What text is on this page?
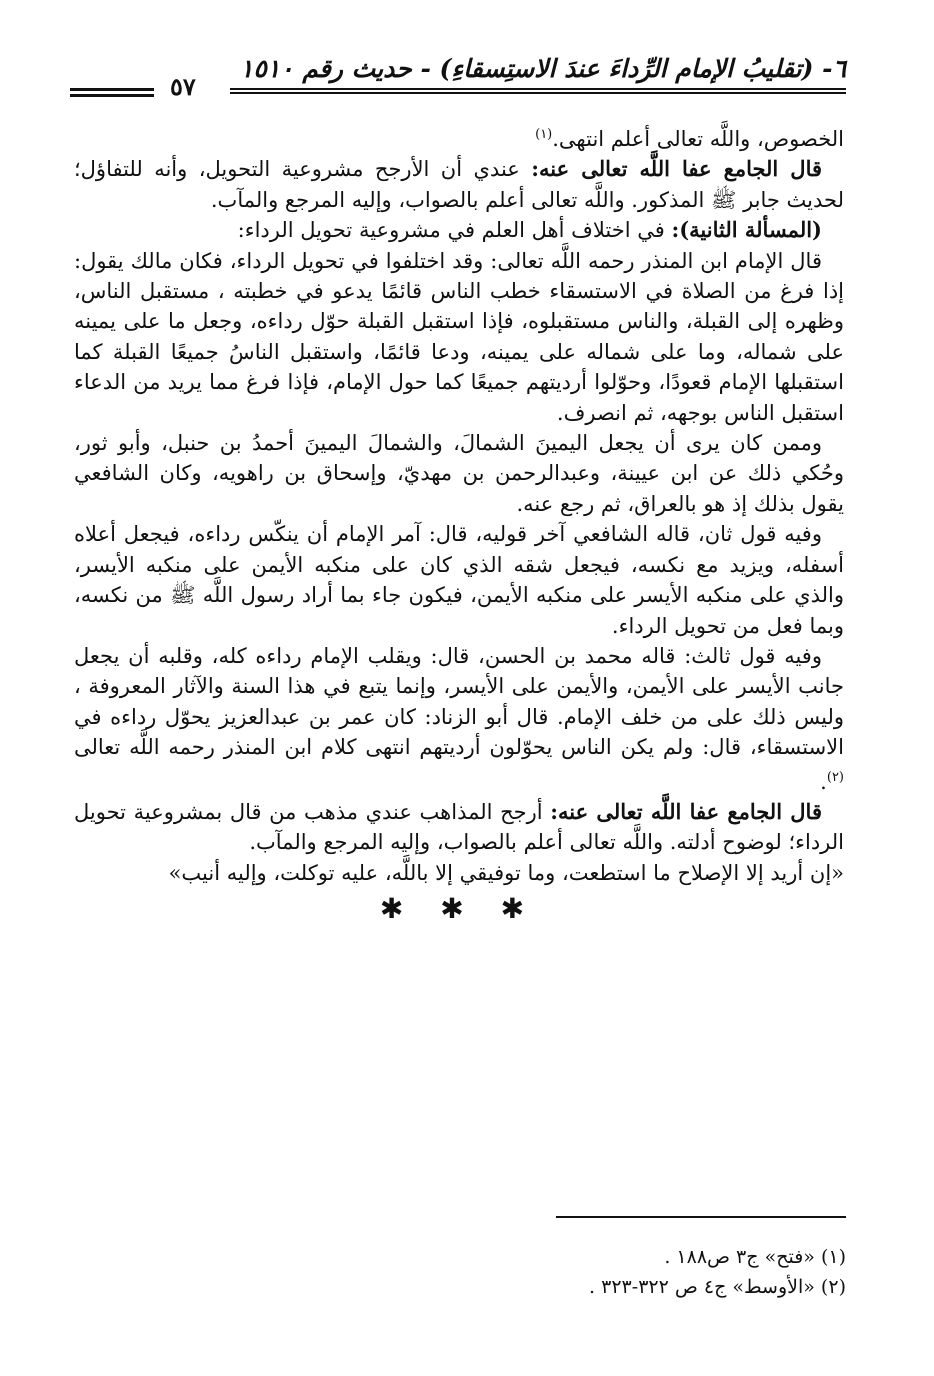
٦- (تقليبُ الإمام الرِّداءَ عندَ الاستِسقاءِ) - حديث رقم ١٥١٠
٥٧

الخصوص، واللَّه تعالى أعلم انتهى.$^{(١)}$

قال الجامع عفا اللَّه تعالى عنه: عندي أن الأرجح مشروعية التحويل، وأنه للتفاؤل؛ لحديث جابر ﷺ المذكور. واللَّه تعالى أعلم بالصواب، وإليه المرجع والمآب.

(المسألة الثانية): في اختلاف أهل العلم في مشروعية تحويل الرداء:

قال الإمام ابن المنذر رحمه اللَّه تعالى: وقد اختلفوا في تحويل الرداء، فكان مالك يقول: إذا فرغ من الصلاة في الاستسقاء خطب الناس قائمًا يدعو في خطبته ، مستقبل الناس، وظهره إلى القبلة، والناس مستقبلوه، فإذا استقبل القبلة حوّل رداءه، وجعل ما على يمينه على شماله، وما على شماله على يمينه، ودعا قائمًا، واستقبل الناسُ جميعًا القبلة كما استقبلها الإمام قعودًا، وحوّلوا أرديتهم جميعًا كما حول الإمام، فإذا فرغ مما يريد من الدعاء استقبل الناس بوجهه، ثم انصرف.

وممن كان يرى أن يجعل اليمينَ الشمالَ، والشمالَ اليمينَ أحمدُ بن حنبل، وأبو ثور، وحُكي ذلك عن ابن عيينة، وعبدالرحمن بن مهديّ، وإسحاق بن راهويه، وكان الشافعي يقول بذلك إذ هو بالعراق، ثم رجع عنه.

وفيه قول ثان، قاله الشافعي آخر قوليه، قال: آمر الإمام أن ينكّس رداءه، فيجعل أعلاه أسفله، ويزيد مع نكسه، فيجعل شقه الذي كان على منكبه الأيمن على منكبه الأيسر، والذي على منكبه الأيسر على منكبه الأيمن، فيكون جاء بما أراد رسول اللَّه ﷺ من نكسه، وبما فعل من تحويل الرداء.

وفيه قول ثالث: قاله محمد بن الحسن، قال: ويقلب الإمام رداءه كله، وقلبه أن يجعل جانب الأيسر على الأيمن، والأيمن على الأيسر، وإنما يتبع في هذا السنة والآثار المعروفة ، وليس ذلك على من خلف الإمام. قال أبو الزناد: كان عمر بن عبدالعزيز يحوّل رداءه في الاستسقاء، قال: ولم يكن الناس يحوّلون أرديتهم انتهى كلام ابن المنذر رحمه اللَّه تعالى $^{(٢)}$.

قال الجامع عفا اللَّه تعالى عنه: أرجح المذاهب عندي مذهب من قال بمشروعية تحويل الرداء؛ لوضوح أدلته. واللَّه تعالى أعلم بالصواب، وإليه المرجع والمآب.

«إن أريد إلا الإصلاح ما استطعت، وما توفيقي إلا باللَّه، عليه توكلت، وإليه أنيب»

✱ ✱ ✱
(١) «فتح» ج٣ ص١٨٨ .
(٢) «الأوسط» ج٤ ص ٣٢٢-٣٢٣ .
